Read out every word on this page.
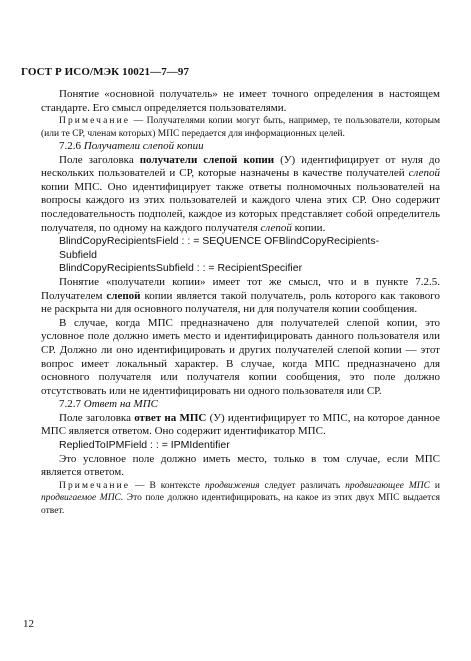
ГОСТ Р ИСО/МЭК 10021—7—97

Понятие «основной получатель» не имеет точного определения в настоящем стандарте. Его смысл определяется пользователями.

Примечание — Получателями копии могут быть, например, те пользователи, которым (или те СР, членам которых) МПС передается для информационных целей.

7.2.6 Получатели слепой копии

Поле заголовка получатели слепой копии (У) идентифицирует от нуля до нескольких пользователей и СР, которые назначены в качестве получателей слепой копии МПС. Оно идентифицирует также ответы полномочных пользователей на вопросы каждого из этих пользователей и каждого члена этих СР. Оно содержит последовательность подполей, каждое из которых представляет собой определитель получателя, по одному на каждого получателя слепой копии.

BlindCopyRecipientsField : : = SEQUENCE OFBlindCopyRecipients-

Subfield

BlindCopyRecipientsSubfield : : = RecipientSpecifier

Понятие «получатели копии» имеет тот же смысл, что и в пункте 7.2.5. Получателем слепой копии является такой получатель, роль которого как такового не раскрыта ни для основного получателя, ни для получателя копии сообщения.

В случае, когда МПС предназначено для получателей слепой копии, это условное поле должно иметь место и идентифицировать данного пользователя или СР. Должно ли оно идентифицировать и других получателей слепой копии — этот вопрос имеет локальный характер. В случае, когда МПС предназначено для основного получателя или получателя копии сообщения, это поле должно отсутствовать или не идентифицировать ни одного пользователя или СР.

7.2.7 Ответ на МПС

Поле заголовка ответ на МПС (У) идентифицирует то МПС, на которое данное МПС является ответом. Оно содержит идентификатор МПС.

RepliedToIPMField : : = IPMIdentifier

Это условное поле должно иметь место, только в том случае, если МПС является ответом.

Примечание — В контексте продвижения следует различать продвигающее МПС и продвигаемое МПС. Это поле должно идентифицировать, на какое из этих двух МПС выдается ответ.

12
